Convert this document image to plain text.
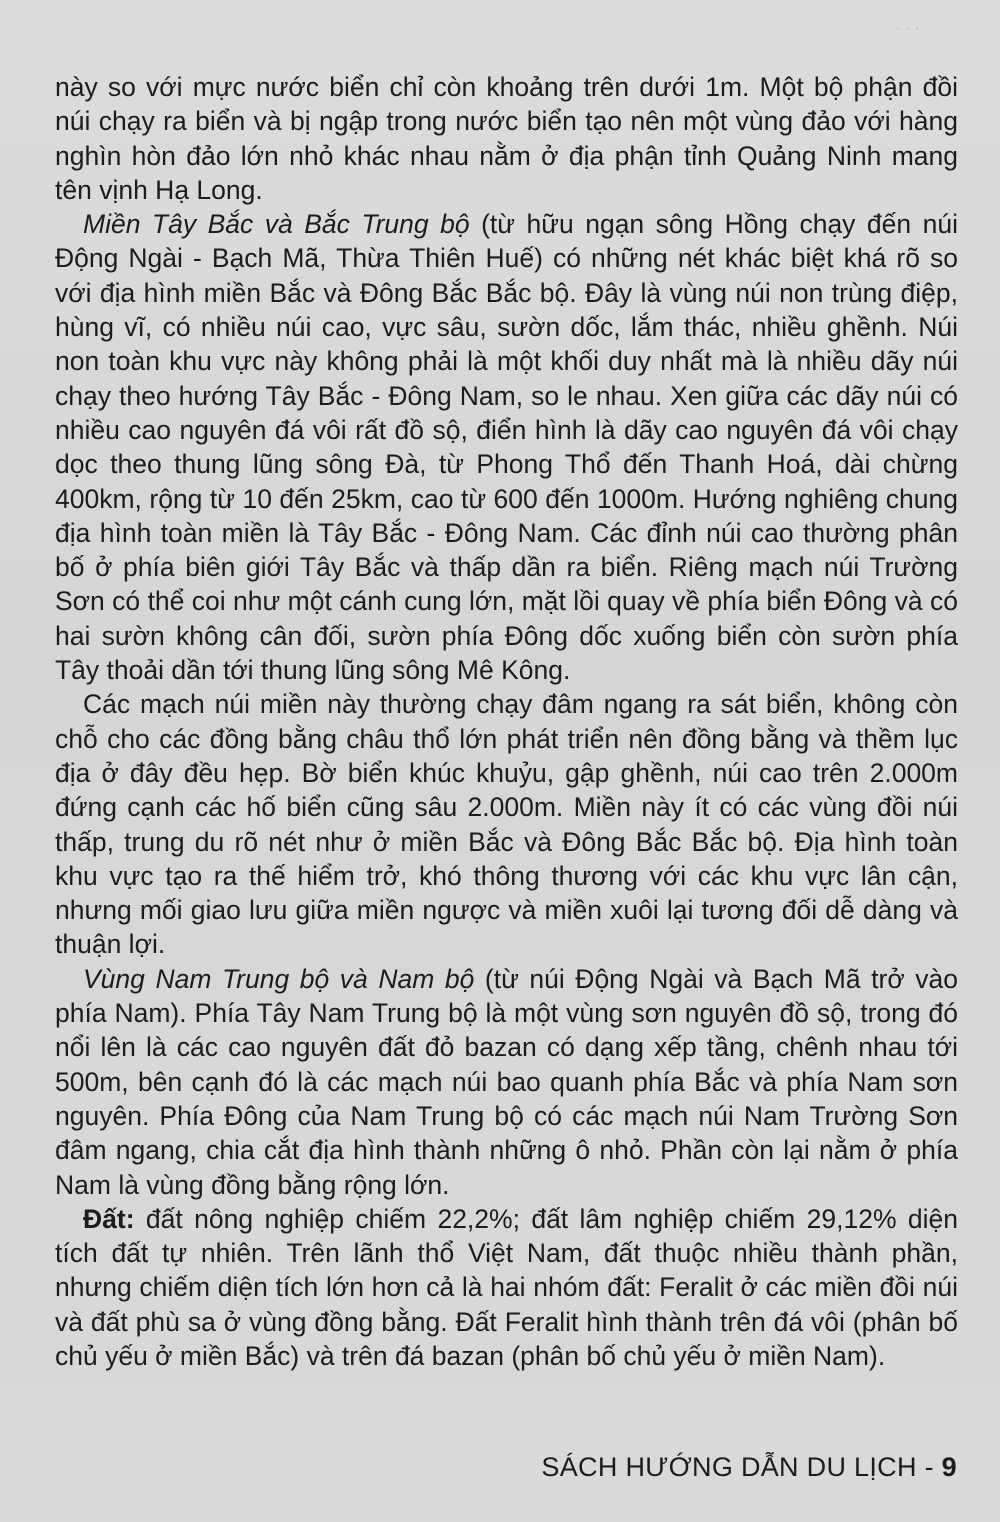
· · ·

này so với mực nước biển chỉ còn khoảng trên dưới 1m. Một bộ phận đồi núi chạy ra biển và bị ngập trong nước biển tạo nên một vùng đảo với hàng nghìn hòn đảo lớn nhỏ khác nhau nằm ở địa phận tỉnh Quảng Ninh mang tên vịnh Hạ Long.

Miền Tây Bắc và Bắc Trung bộ (từ hữu ngạn sông Hồng chạy đến núi Động Ngài - Bạch Mã, Thừa Thiên Huế) có những nét khác biệt khá rõ so với địa hình miền Bắc và Đông Bắc Bắc bộ. Đây là vùng núi non trùng điệp, hùng vĩ, có nhiều núi cao, vực sâu, sườn dốc, lắm thác, nhiều ghềnh. Núi non toàn khu vực này không phải là một khối duy nhất mà là nhiều dãy núi chạy theo hướng Tây Bắc - Đông Nam, so le nhau. Xen giữa các dãy núi có nhiều cao nguyên đá vôi rất đồ sộ, điển hình là dãy cao nguyên đá vôi chạy dọc theo thung lũng sông Đà, từ Phong Thổ đến Thanh Hoá, dài chừng 400km, rộng từ 10 đến 25km, cao từ 600 đến 1000m. Hướng nghiêng chung địa hình toàn miền là Tây Bắc - Đông Nam. Các đỉnh núi cao thường phân bố ở phía biên giới Tây Bắc và thấp dần ra biển. Riêng mạch núi Trường Sơn có thể coi như một cánh cung lớn, mặt lồi quay về phía biển Đông và có hai sườn không cân đối, sườn phía Đông dốc xuống biển còn sườn phía Tây thoải dần tới thung lũng sông Mê Kông.

Các mạch núi miền này thường chạy đâm ngang ra sát biển, không còn chỗ cho các đồng bằng châu thổ lớn phát triển nên đồng bằng và thềm lục địa ở đây đều hẹp. Bờ biển khúc khuỷu, gập ghềnh, núi cao trên 2.000m đứng cạnh các hố biển cũng sâu 2.000m. Miền này ít có các vùng đồi núi thấp, trung du rõ nét như ở miền Bắc và Đông Bắc Bắc bộ. Địa hình toàn khu vực tạo ra thế hiểm trở, khó thông thương với các khu vực lân cận, nhưng mối giao lưu giữa miền ngược và miền xuôi lại tương đối dễ dàng và thuận lợi.

Vùng Nam Trung bộ và Nam bộ (từ núi Động Ngài và Bạch Mã trở vào phía Nam). Phía Tây Nam Trung bộ là một vùng sơn nguyên đồ sộ, trong đó nổi lên là các cao nguyên đất đỏ bazan có dạng xếp tầng, chênh nhau tới 500m, bên cạnh đó là các mạch núi bao quanh phía Bắc và phía Nam sơn nguyên. Phía Đông của Nam Trung bộ có các mạch núi Nam Trường Sơn đâm ngang, chia cắt địa hình thành những ô nhỏ. Phần còn lại nằm ở phía Nam là vùng đồng bằng rộng lớn.

Đất: đất nông nghiệp chiếm 22,2%; đất lâm nghiệp chiếm 29,12% diện tích đất tự nhiên. Trên lãnh thổ Việt Nam, đất thuộc nhiều thành phần, nhưng chiếm diện tích lớn hơn cả là hai nhóm đất: Feralit ở các miền đồi núi và đất phù sa ở vùng đồng bằng. Đất Feralit hình thành trên đá vôi (phân bố chủ yếu ở miền Bắc) và trên đá bazan (phân bố chủ yếu ở miền Nam).

SÁCH HƯỚNG DẪN DU LỊCH - 9
